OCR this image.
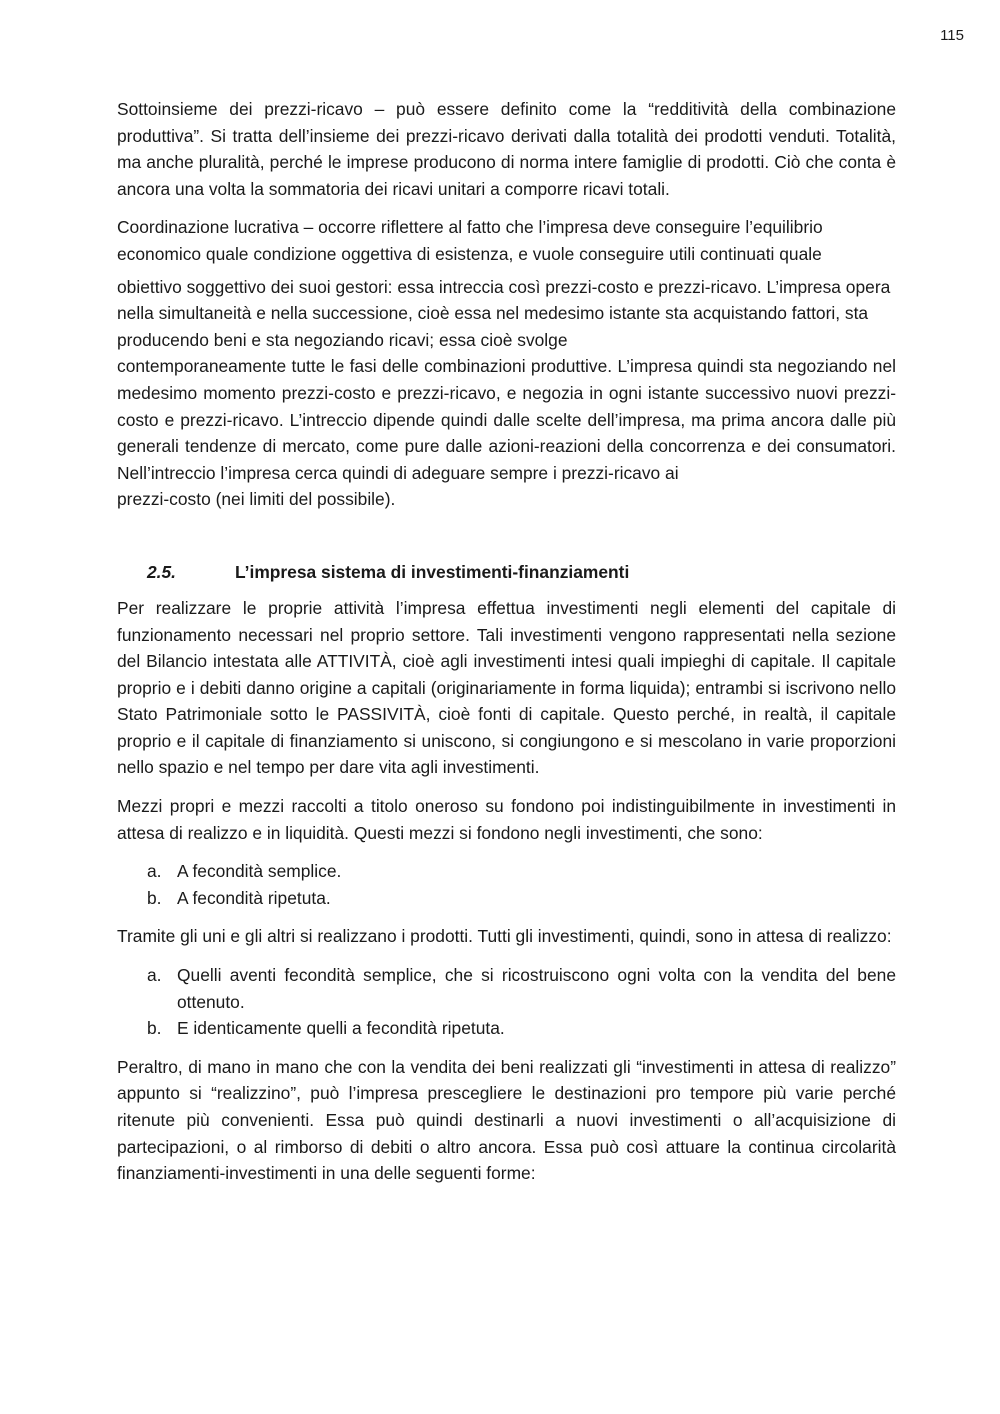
115

Sottoinsieme dei prezzi-ricavo – può essere definito come la “redditività della combinazione produttiva”. Si tratta dell’insieme dei prezzi-ricavo derivati dalla totalità dei prodotti venduti. Totalità, ma anche pluralità, perché le imprese producono di norma intere famiglie di prodotti. Ciò che conta è ancora una volta la sommatoria dei ricavi unitari a comporre ricavi totali.

Coordinazione lucrativa – occorre riflettere al fatto che l’impresa deve conseguire l’equilibrio economico quale condizione oggettiva di esistenza, e vuole conseguire utili continuati quale

obiettivo soggettivo dei suoi gestori: essa intreccia così prezzi-costo e prezzi-ricavo. L’impresa opera nella simultaneità e nella successione, cioè essa nel medesimo istante sta acquistando fattori, sta producendo beni e sta negoziando ricavi; essa cioè svolge

contemporaneamente tutte le fasi delle combinazioni produttive. L’impresa quindi sta negoziando nel medesimo momento prezzi-costo e prezzi-ricavo, e negozia in ogni istante successivo nuovi prezzi-costo e prezzi-ricavo. L’intreccio dipende quindi dalle scelte dell’impresa, ma prima ancora dalle più generali tendenze di mercato, come pure dalle azioni-reazioni della concorrenza e dei consumatori. Nell’intreccio l’impresa cerca quindi di adeguare sempre i prezzi-ricavo ai

prezzi-costo (nei limiti del possibile).

2.5.	L’impresa sistema di investimenti-finanziamenti

Per realizzare le proprie attività l’impresa effettua investimenti negli elementi del capitale di funzionamento necessari nel proprio settore. Tali investimenti vengono rappresentati nella sezione del Bilancio intestata alle ATTIVITÀ, cioè agli investimenti intesi quali impieghi di capitale. Il capitale proprio e i debiti danno origine a capitali (originariamente in forma liquida); entrambi si iscrivono nello Stato Patrimoniale sotto le PASSIVITÀ, cioè fonti di capitale. Questo perché, in realtà, il capitale proprio e il capitale di finanziamento si uniscono, si congiungono e si mescolano in varie proporzioni nello spazio e nel tempo per dare vita agli investimenti.

Mezzi propri e mezzi raccolti a titolo oneroso su fondono poi indistinguibilmente in investimenti in attesa di realizzo e in liquidità. Questi mezzi si fondono negli investimenti, che sono:

a. A fecondità semplice.
b. A fecondità ripetuta.

Tramite gli uni e gli altri si realizzano i prodotti. Tutti gli investimenti, quindi, sono in attesa di realizzo:

a. Quelli aventi fecondità semplice, che si ricostruiscono ogni volta con la vendita del bene ottenuto.
b. E identicamente quelli a fecondità ripetuta.

Peraltro, di mano in mano che con la vendita dei beni realizzati gli “investimenti in attesa di realizzo” appunto si “realizzino”, può l’impresa prescegliere le destinazioni pro tempore più varie perché ritenute più convenienti. Essa può quindi destinarli a nuovi investimenti o all’acquisizione di partecipazioni, o al rimborso di debiti o altro ancora. Essa può così attuare la continua circolarità finanziamenti-investimenti in una delle seguenti forme:
